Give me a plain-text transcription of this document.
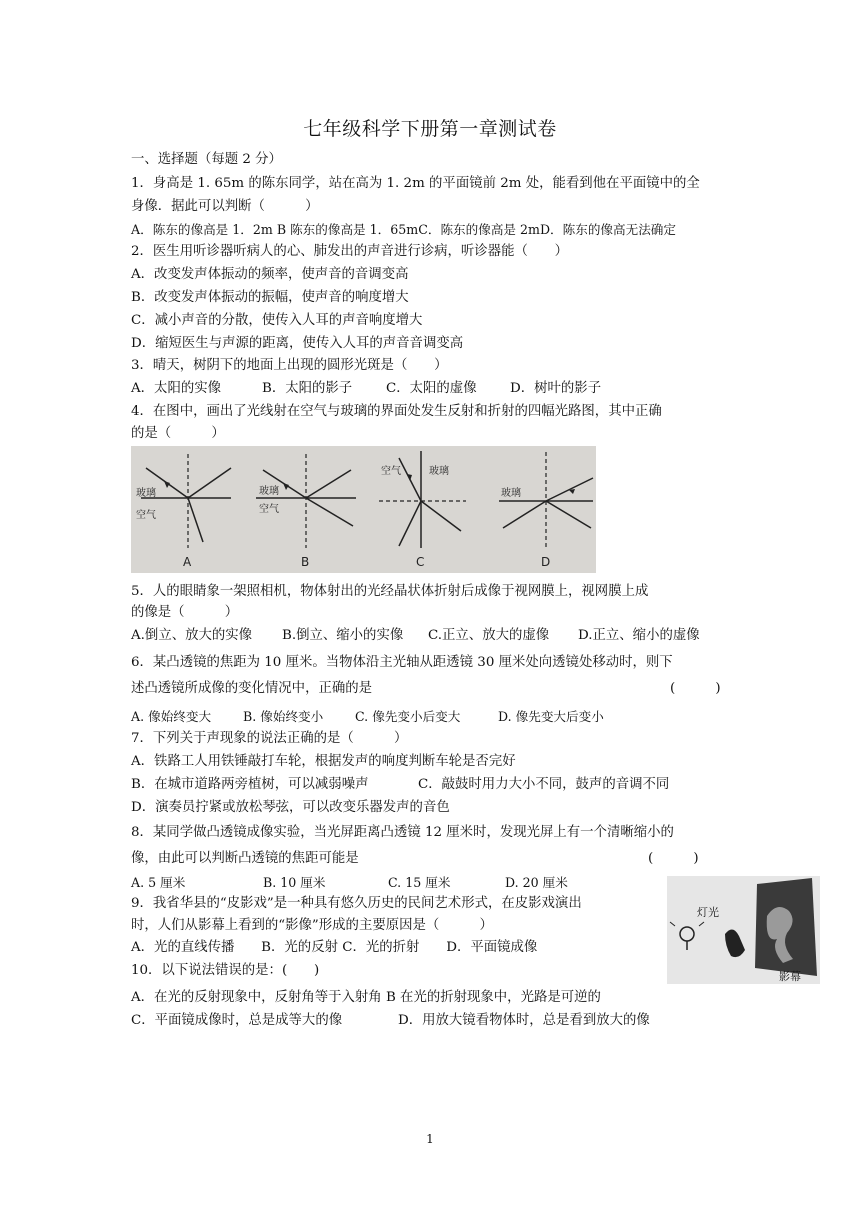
七年级科学下册第一章测试卷
一、选择题（每题 2 分）
1．身高是 1. 65m 的陈东同学，站在高为 1. 2m 的平面镜前 2m 处，能看到他在平面镜中的全
身像．据此可以判断（　　　）
A．陈东的像高是 1．2m B 陈东的像高是 1．65mC．陈东的像高是 2mD．陈东的像高无法确定
2．医生用听诊器听病人的心、肺发出的声音进行诊病，听诊器能（　　）
A．改变发声体振动的频率，使声音的音调变高
B．改变发声体振动的振幅，使声音的响度增大
C．减小声音的分散，使传入人耳的声音响度增大
D．缩短医生与声源的距离，使传入人耳的声音音调变高
3．晴天，树阴下的地面上出现的圆形光斑是（　　）
A．太阳的实像	B．太阳的影子	C．太阳的虚像 D．树叶的影子
4．在图中，画出了光线射在空气与玻璃的界面处发生反射和折射的四幅光路图，其中正确
的是（　　　）
玻璃
空气
A
玻璃
空气
B
空气	玻璃
C
玻璃
D
5．人的眼睛象一架照相机，物体射出的光经晶状体折射后成像于视网膜上，视网膜上成
的像是（　　　）
A.倒立、放大的实像 B.倒立、缩小的实像 C.正立、放大的虚像 D.正立、缩小的虚像
6．某凸透镜的焦距为 10 厘米。当物体沿主光轴从距透镜 30 厘米处向透镜处移动时，则下
述凸透镜所成像的变化情况中，正确的是	(　　　)
A. 像始终变大	B. 像始终变小	C. 像先变小后变大	D. 像先变大后变小
7．下列关于声现象的说法正确的是（　　　）
A．铁路工人用铁锤敲打车轮，根据发声的响度判断车轮是否完好
B．在城市道路两旁植树，可以减弱噪声	C．敲鼓时用力大小不同，鼓声的音调不同
D．演奏员拧紧或放松琴弦，可以改变乐器发声的音色
8．某同学做凸透镜成像实验，当光屏距离凸透镜 12 厘米时，发现光屏上有一个清晰缩小的
像，由此可以判断凸透镜的焦距可能是	(　　　)
A. 5 厘米	B. 10 厘米	C. 15 厘米	D. 20 厘米
9．我省华县的“皮影戏”是一种具有悠久历史的民间艺术形式，在皮影戏演出
时，人们从影幕上看到的“影像”形成的主要原因是（　　　）
A．光的直线传播　　B．光的反射 C．光的折射　　D．平面镜成像
灯光
影幕
10．以下说法错误的是：(　　)
A．在光的反射现象中，反射角等于入射角 B 在光的折射现象中，光路是可逆的
C．平面镜成像时，总是成等大的像	D．用放大镜看物体时，总是看到放大的像
1
